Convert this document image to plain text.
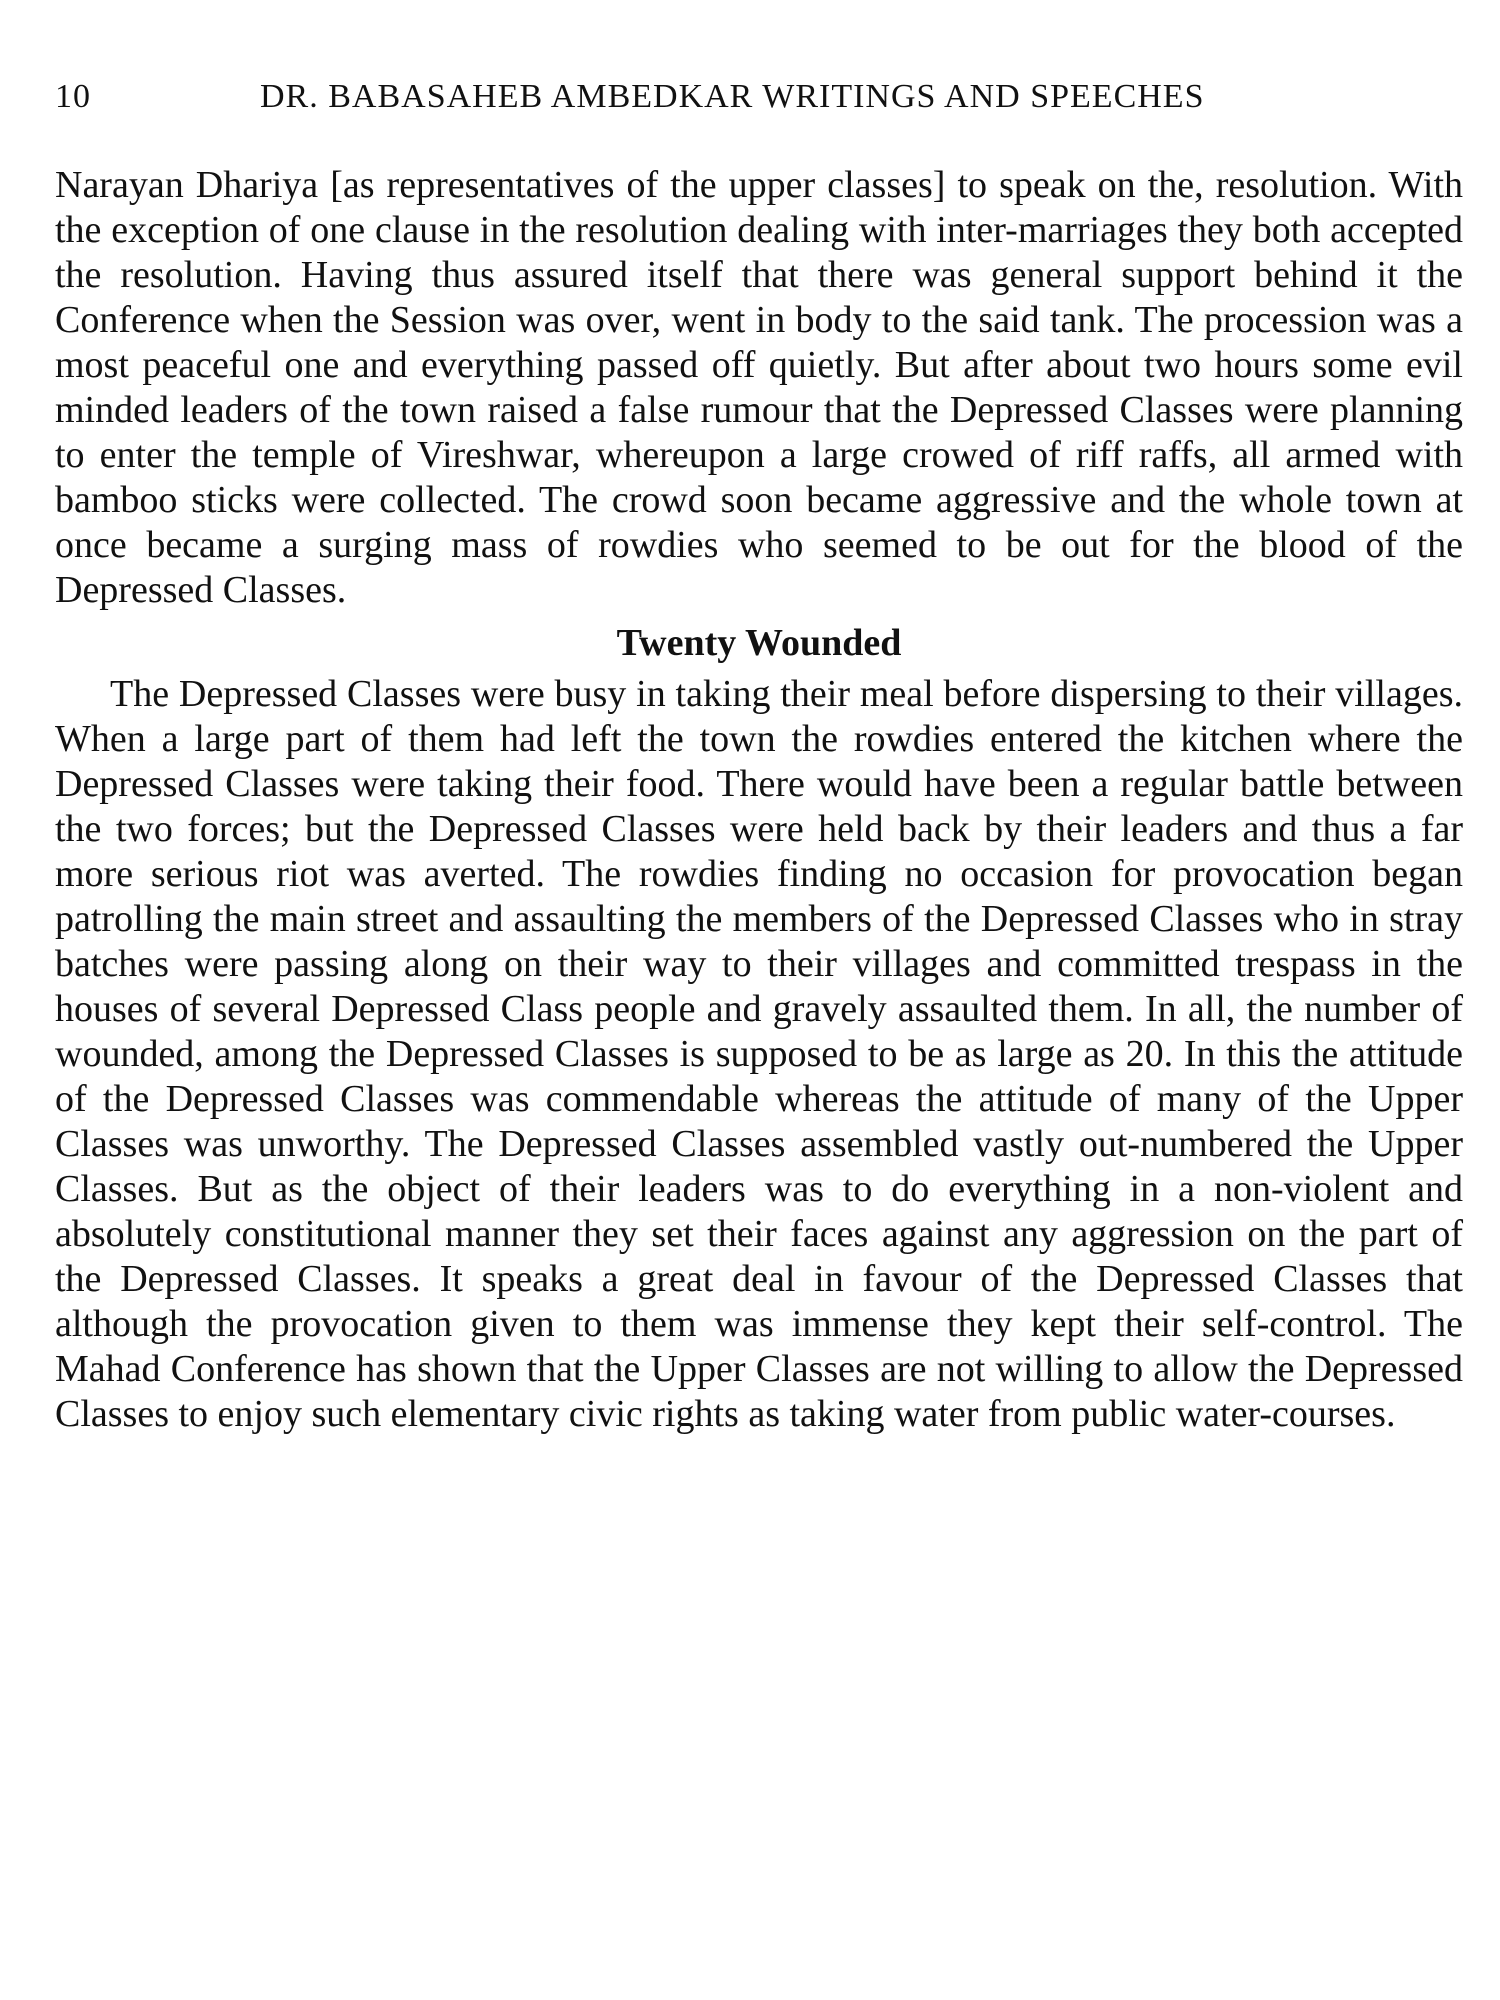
10	DR. BABASAHEB AMBEDKAR WRITINGS AND SPEECHES

Narayan Dhariya [as representatives of the upper classes] to speak on the, resolution. With the exception of one clause in the resolution dealing with inter-marriages they both accepted the resolution. Having thus assured itself that there was general support behind it the Conference when the Session was over, went in body to the said tank. The procession was a most peaceful one and everything passed off quietly. But after about two hours some evil minded leaders of the town raised a false rumour that the Depressed Classes were planning to enter the temple of Vireshwar, whereupon a large crowed of riff raffs, all armed with bamboo sticks were collected. The crowd soon became aggressive and the whole town at once became a surging mass of rowdies who seemed to be out for the blood of the Depressed Classes.

Twenty Wounded

The Depressed Classes were busy in taking their meal before dispersing to their villages. When a large part of them had left the town the rowdies entered the kitchen where the Depressed Classes were taking their food. There would have been a regular battle between the two forces; but the Depressed Classes were held back by their leaders and thus a far more serious riot was averted. The rowdies finding no occasion for provocation began patrolling the main street and assaulting the members of the Depressed Classes who in stray batches were passing along on their way to their villages and committed trespass in the houses of several Depressed Class people and gravely assaulted them. In all, the number of wounded, among the Depressed Classes is supposed to be as large as 20. In this the attitude of the Depressed Classes was commendable whereas the attitude of many of the Upper Classes was unworthy. The Depressed Classes assembled vastly out-numbered the Upper Classes. But as the object of their leaders was to do everything in a non-violent and absolutely constitutional manner they set their faces against any aggression on the part of the Depressed Classes. It speaks a great deal in favour of the Depressed Classes that although the provocation given to them was immense they kept their self-control. The Mahad Conference has shown that the Upper Classes are not willing to allow the Depressed Classes to enjoy such elementary civic rights as taking water from public water-courses.
